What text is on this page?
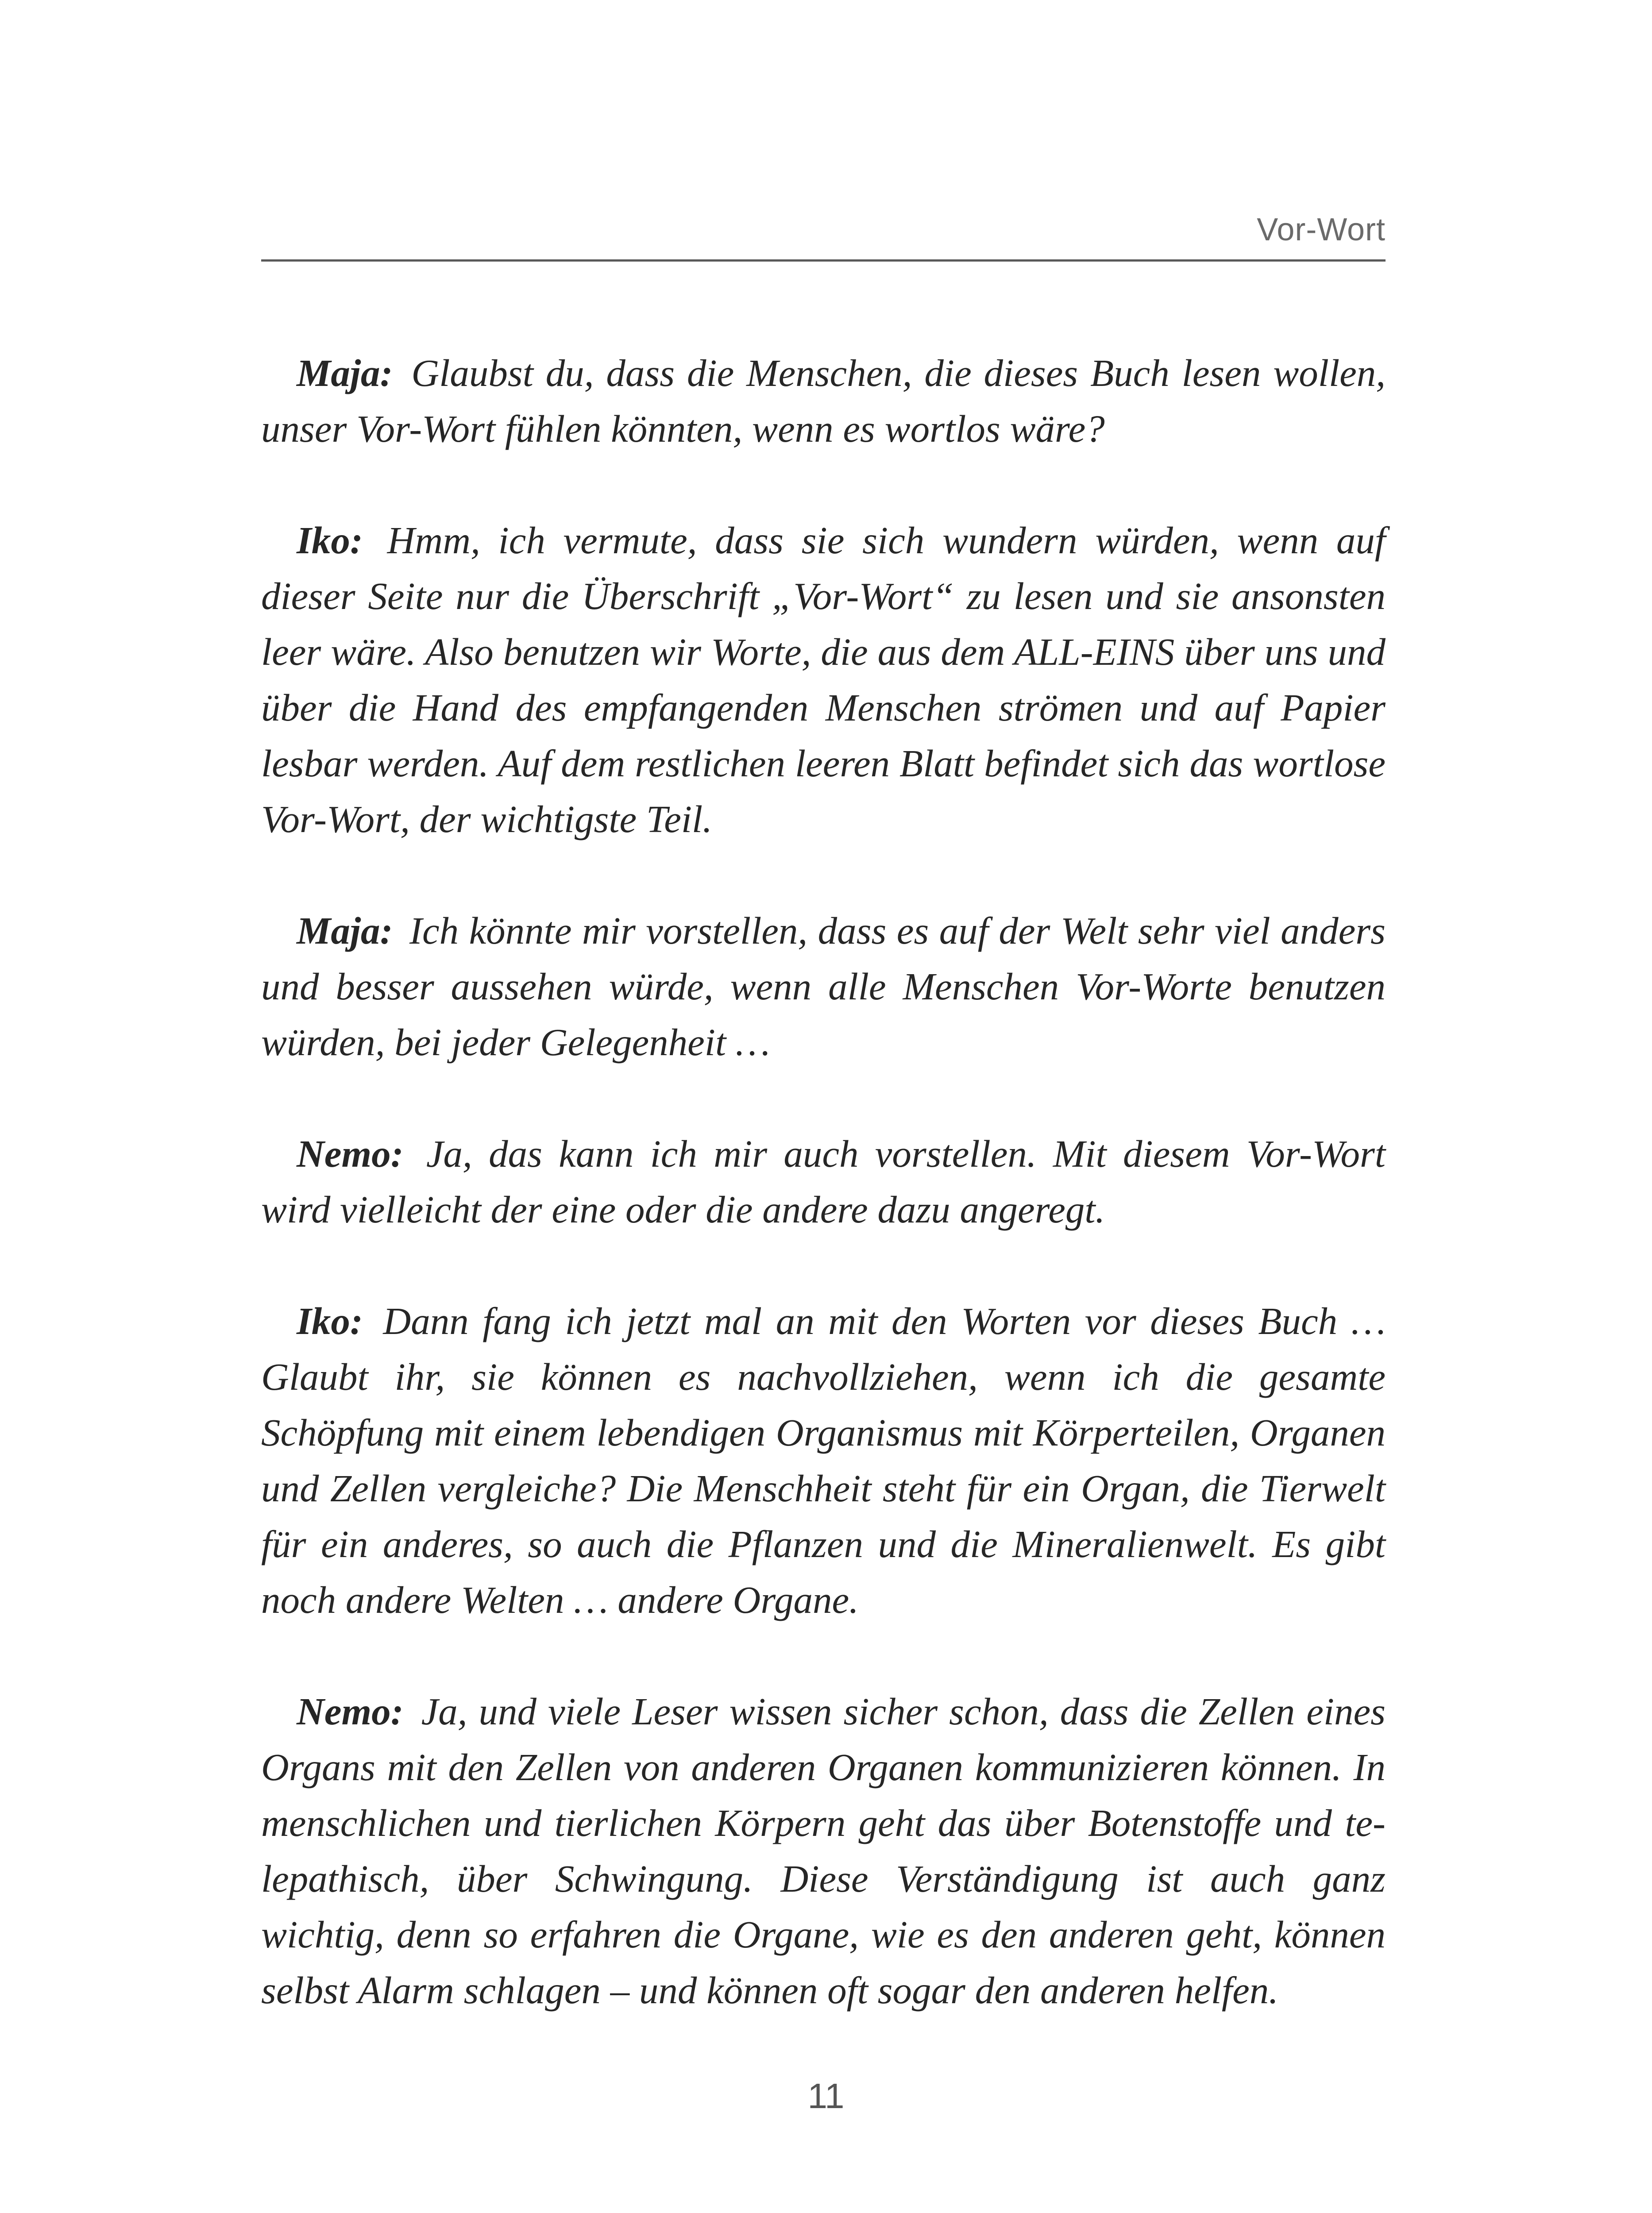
Vor-Wort

Maja: Glaubst du, dass die Menschen, die dieses Buch lesen wollen, unser Vor-Wort fühlen könnten, wenn es wortlos wäre?

Iko: Hmm, ich vermute, dass sie sich wundern würden, wenn auf dieser Seite nur die Überschrift „Vor-Wort“ zu lesen und sie ansonsten leer wäre. Also benutzen wir Worte, die aus dem ALL-EINS über uns und über die Hand des empfangenden Menschen strömen und auf Papier lesbar werden. Auf dem restlichen leeren Blatt befindet sich das wortlose Vor-Wort, der wichtigste Teil.

Maja: Ich könnte mir vorstellen, dass es auf der Welt sehr viel anders und besser aussehen würde, wenn alle Menschen Vor-Worte benutzen würden, bei jeder Gelegenheit …

Nemo: Ja, das kann ich mir auch vorstellen. Mit diesem Vor-Wort wird vielleicht der eine oder die andere dazu angeregt.

Iko: Dann fang ich jetzt mal an mit den Worten vor dieses Buch … Glaubt ihr, sie können es nachvollziehen, wenn ich die gesamte Schöpfung mit einem lebendigen Organismus mit Körperteilen, Organen und Zellen vergleiche? Die Menschheit steht für ein Organ, die Tierwelt für ein anderes, so auch die Pflanzen und die Mineralienwelt. Es gibt noch andere Welten … andere Organe.

Nemo: Ja, und viele Leser wissen sicher schon, dass die Zellen eines Organs mit den Zellen von anderen Organen kommunizieren können. In menschlichen und tierlichen Körpern geht das über Botenstoffe und telepathisch, über Schwingung. Diese Verständigung ist auch ganz wichtig, denn so erfahren die Organe, wie es den anderen geht, können selbst Alarm schlagen – und können oft sogar den anderen helfen.

11
